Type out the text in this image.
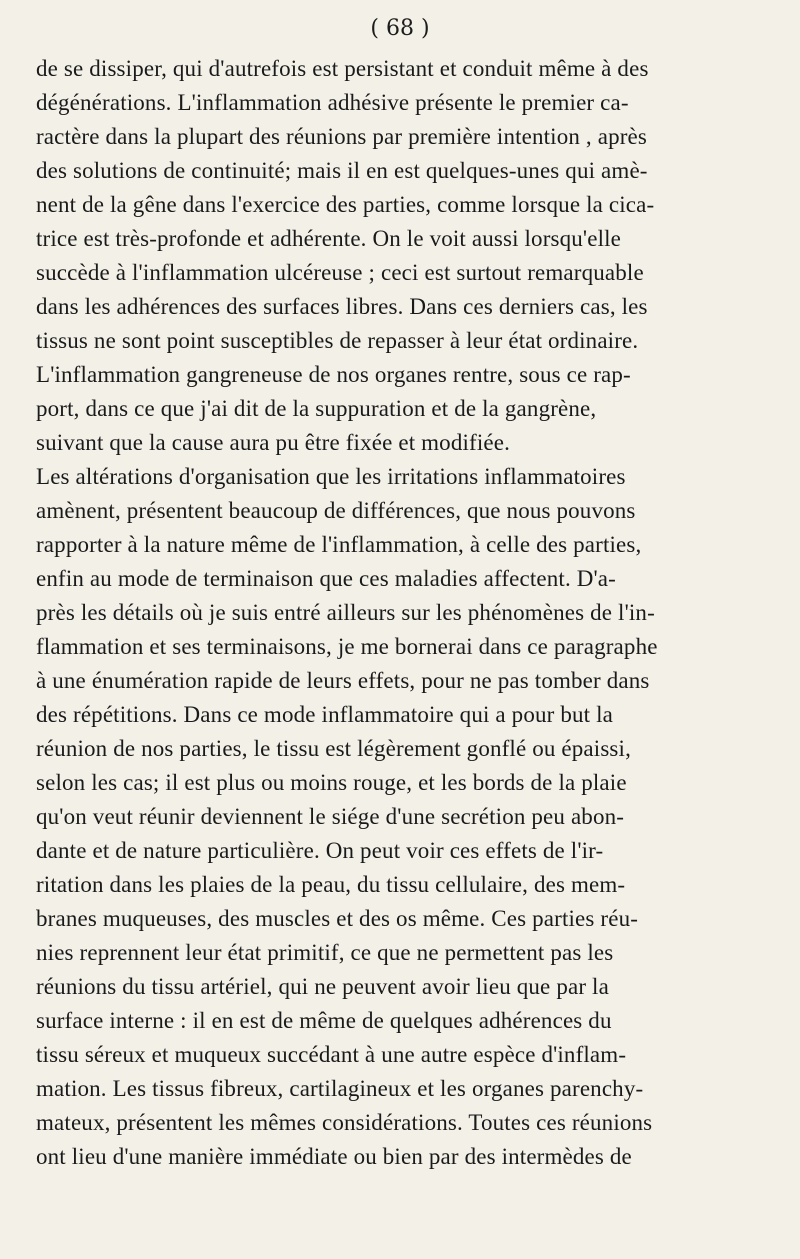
( 68 )
de se dissiper, qui d'autrefois est persistant et conduit même à des
dégénérations. L'inflammation adhésive présente le premier ca-
ractère dans la plupart des réunions par première intention , après
des solutions de continuité; mais il en est quelques-unes qui amè-
nent de la gêne dans l'exercice des parties, comme lorsque la cica-
trice est très-profonde et adhérente. On le voit aussi lorsqu'elle
succède à l'inflammation ulcéreuse ; ceci est surtout remarquable
dans les adhérences des surfaces libres. Dans ces derniers cas, les
tissus ne sont point susceptibles de repasser à leur état ordinaire.
L'inflammation gangreneuse de nos organes rentre, sous ce rap-
port, dans ce que j'ai dit de la suppuration et de la gangrène,
suivant que la cause aura pu être fixée et modifiée.
Les altérations d'organisation que les irritations inflammatoires
amènent, présentent beaucoup de différences, que nous pouvons
rapporter à la nature même de l'inflammation, à celle des parties,
enfin au mode de terminaison que ces maladies affectent. D'a-
près les détails où je suis entré ailleurs sur les phénomènes de l'in-
flammation et ses terminaisons, je me bornerai dans ce paragraphe
à une énumération rapide de leurs effets, pour ne pas tomber dans
des répétitions. Dans ce mode inflammatoire qui a pour but la
réunion de nos parties, le tissu est légèrement gonflé ou épaissi,
selon les cas; il est plus ou moins rouge, et les bords de la plaie
qu'on veut réunir deviennent le siége d'une secrétion peu abon-
dante et de nature particulière. On peut voir ces effets de l'ir-
ritation dans les plaies de la peau, du tissu cellulaire, des mem-
branes muqueuses, des muscles et des os même. Ces parties réu-
nies reprennent leur état primitif, ce que ne permettent pas les
réunions du tissu artériel, qui ne peuvent avoir lieu que par la
surface interne : il en est de même de quelques adhérences du
tissu séreux et muqueux succédant à une autre espèce d'inflam-
mation. Les tissus fibreux, cartilagineux et les organes parenchy-
mateux, présentent les mêmes considérations. Toutes ces réunions
ont lieu d'une manière immédiate ou bien par des intermèdes de
